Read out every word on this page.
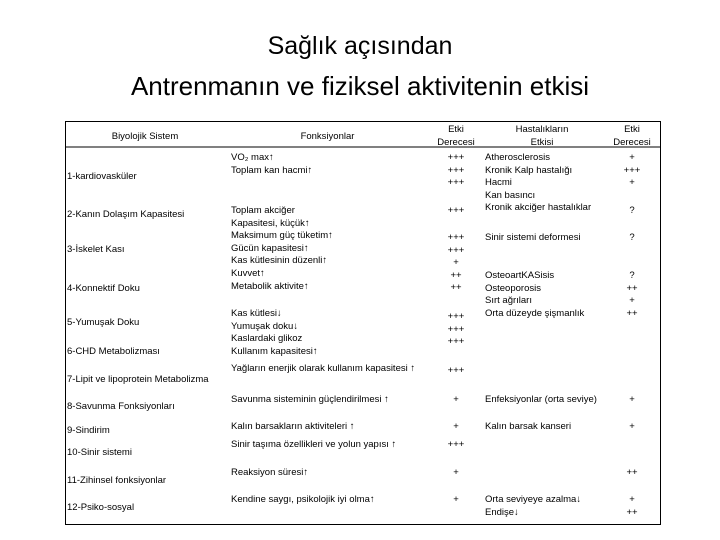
Sağlık açısından
Antrenmanın ve fiziksel aktivitenin etkisi
Biyolojik Sistem	Fonksiyonlar
Etki
Derecesi
Hastalıkların
Etkisi
Etki
Derecesi
1-kardiovasküler
2-Kanın Dolaşım Kapasitesi
3-İskelet Kası
4-Konnektif Doku
5-Yumuşak Doku
6-CHD Metabolizması
7-Lipit ve lipoprotein Metabolizma
8-Savunma Fonksiyonları
9-Sindirim
10-Sinir sistemi
11-Zihinsel fonksiyonlar
12-Psiko-sosyal
VO₂ max↑
Toplam kan hacmi↑
Toplam akciğer
Kapasitesi, küçük↑
Maksimum güç tüketim↑
Gücün kapasitesi↑
Kas kütlesinin düzenli↑
Kuvvet↑
Metabolik aktivite↑
Kas kütlesi↓
Yumuşak doku↓
Kaslardaki glikoz
Kullanım kapasitesi↑
Yağların enerjik olarak kullanım kapasitesi ↑
Savunma sisteminin güçlendirilmesi ↑
Kalın barsakların aktiviteleri ↑
Sinir taşıma özellikleri ve yolun yapısı ↑
Reaksiyon süresi↑
Kendine saygı, psikolojik iyi olma↑
+++
+++
+++
+++
+++
+++
+
++
++
+++
+++
+++
+++
+
+
+++
+
+
Atherosclerosis
Kronik Kalp hastalığı
Hacmi
Kan basıncı
Kronik akciğer hastalıklar
Sinir sistemi deformesi
OsteoartKASisis
Osteoporosis
Sırt ağrıları
Orta düzeyde şişmanlık
Enfeksiyonlar (orta seviye)
Kalın barsak kanseri
Orta seviyeye azalma↓
Endişe↓
+
+++
+
?
?
?
++
+
++
+
+
++
+
++
